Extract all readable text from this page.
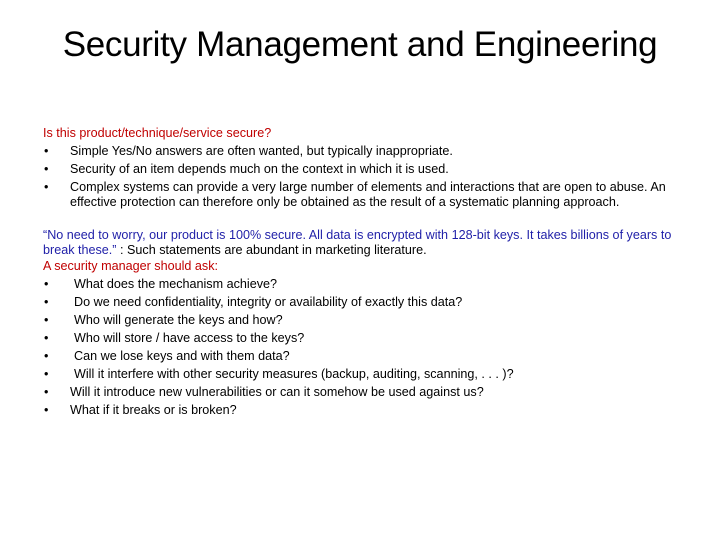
Security Management and Engineering
Is this product/technique/service secure?
• Simple Yes/No answers are often wanted, but typically inappropriate.
• Security of an item depends much on the context in which it is used.
• Complex systems can provide a very large number of elements and interactions that are open to abuse. An effective protection can therefore only be obtained as the result of a systematic planning approach.
“No need to worry, our product is 100% secure. All data is encrypted with 128-bit keys. It takes billions of years to break these.” : Such statements are abundant in marketing literature.
A security manager should ask:
• What does the mechanism achieve?
• Do we need confidentiality, integrity or availability of exactly this data?
• Who will generate the keys and how?
• Who will store / have access to the keys?
• Can we lose keys and with them data?
• Will it interfere with other security measures (backup, auditing, scanning, . . . )?
• Will it introduce new vulnerabilities or can it somehow be used against us?
• What if it breaks or is broken?
